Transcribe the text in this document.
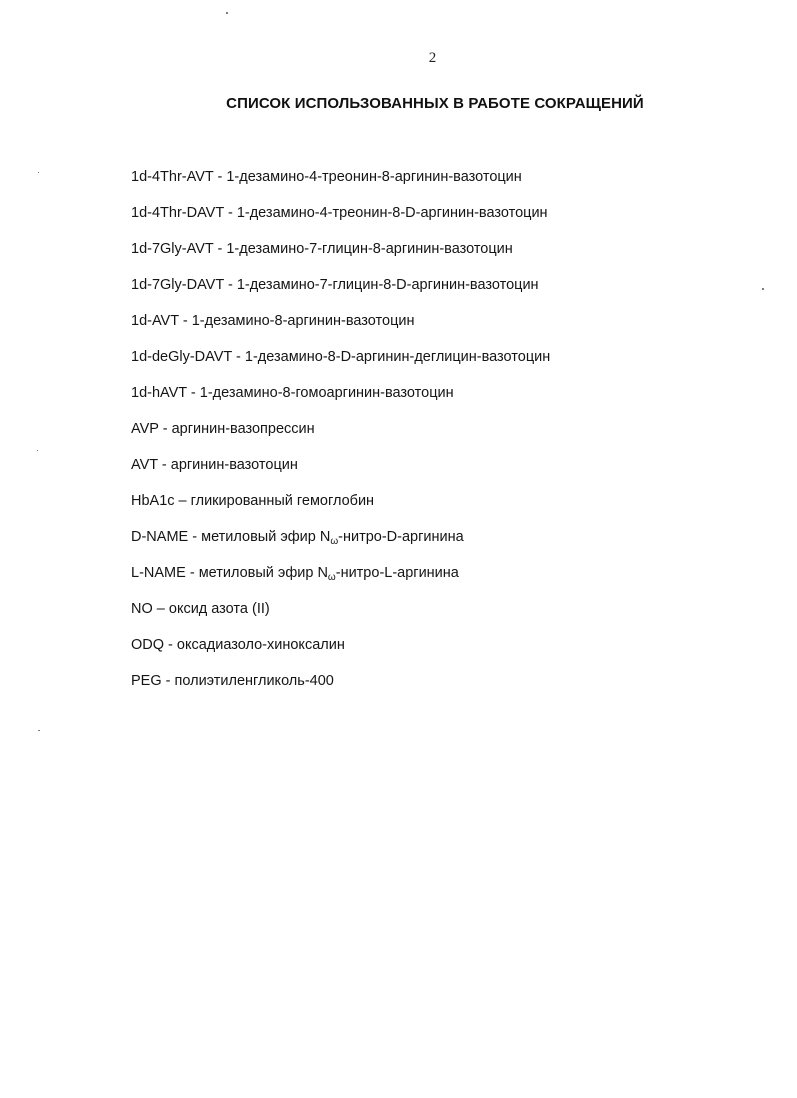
2
СПИСОК ИСПОЛЬЗОВАННЫХ В РАБОТЕ СОКРАЩЕНИЙ
1d-4Thr-AVT - 1-дезамино-4-треонин-8-аргинин-вазотоцин
1d-4Thr-DAVT - 1-дезамино-4-треонин-8-D-аргинин-вазотоцин
1d-7Gly-AVT - 1-дезамино-7-глицин-8-аргинин-вазотоцин
1d-7Gly-DAVT - 1-дезамино-7-глицин-8-D-аргинин-вазотоцин
1d-AVT - 1-дезамино-8-аргинин-вазотоцин
1d-deGly-DAVT - 1-дезамино-8-D-аргинин-деглицин-вазотоцин
1d-hAVT - 1-дезамино-8-гомоаргинин-вазотоцин
AVP - аргинин-вазопрессин
AVT - аргинин-вазотоцин
HbA1c – гликированный гемоглобин
D-NAME - метиловый эфир $N_\omega-нитро-D$-аргинина
L-NAME - метиловый эфир $N_\omega-нитро-L$-аргинина
NO – оксид азота (II)
ODQ - оксадиазоло-хиноксалин
PEG - полиэтиленгликоль-400
